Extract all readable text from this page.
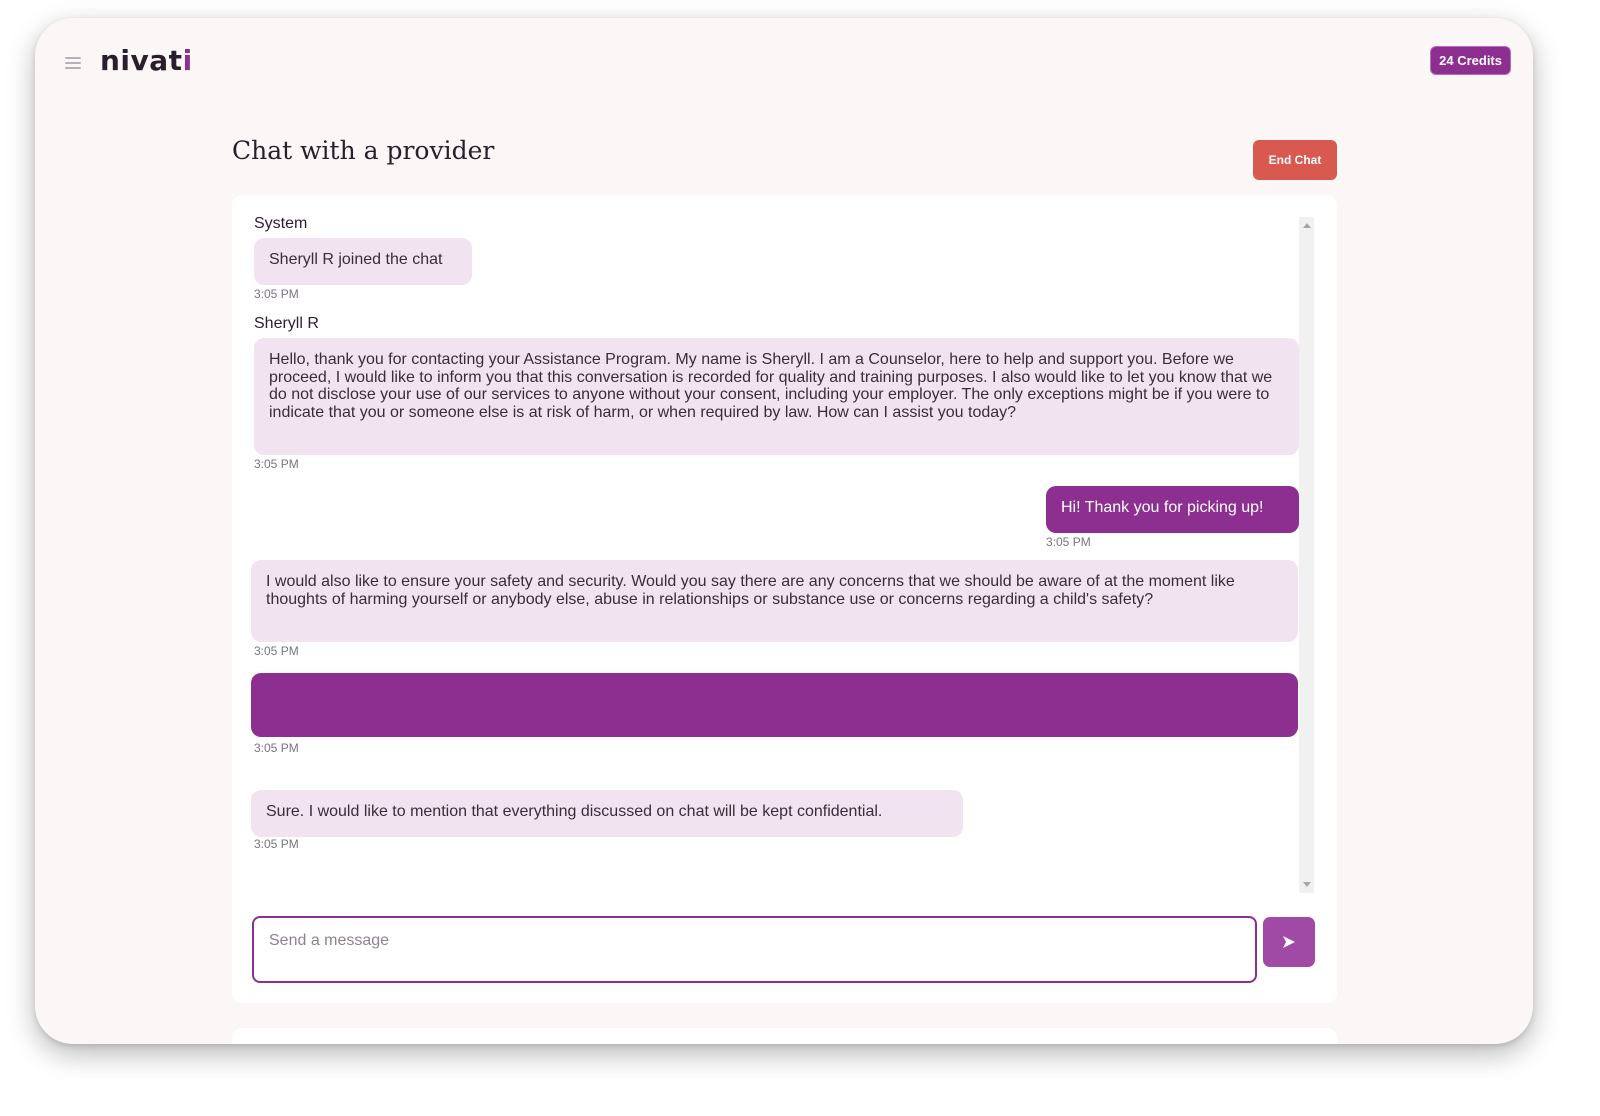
nivati	24 Credits
Chat with a provider	End Chat
System
Sheryll R joined the chat
3:05 PM
Sheryll R
Hello, thank you for contacting your Assistance Program. My name is Sheryll. I am a Counselor, here to help and support you. Before we proceed, I would like to inform you that this conversation is recorded for quality and training purposes. I also would like to let you know that we do not disclose your use of our services to anyone without your consent, including your employer. The only exceptions might be if you were to indicate that you or someone else is at risk of harm, or when required by law. How can I assist you today?
3:05 PM
Hi! Thank you for picking up!
3:05 PM
I would also like to ensure your safety and security. Would you say there are any concerns that we should be aware of at the moment like thoughts of harming yourself or anybody else, abuse in relationships or substance use or concerns regarding a child's safety?
3:05 PM
3:05 PM
Sure. I would like to mention that everything discussed on chat will be kept confidential.
3:05 PM
Send a message
